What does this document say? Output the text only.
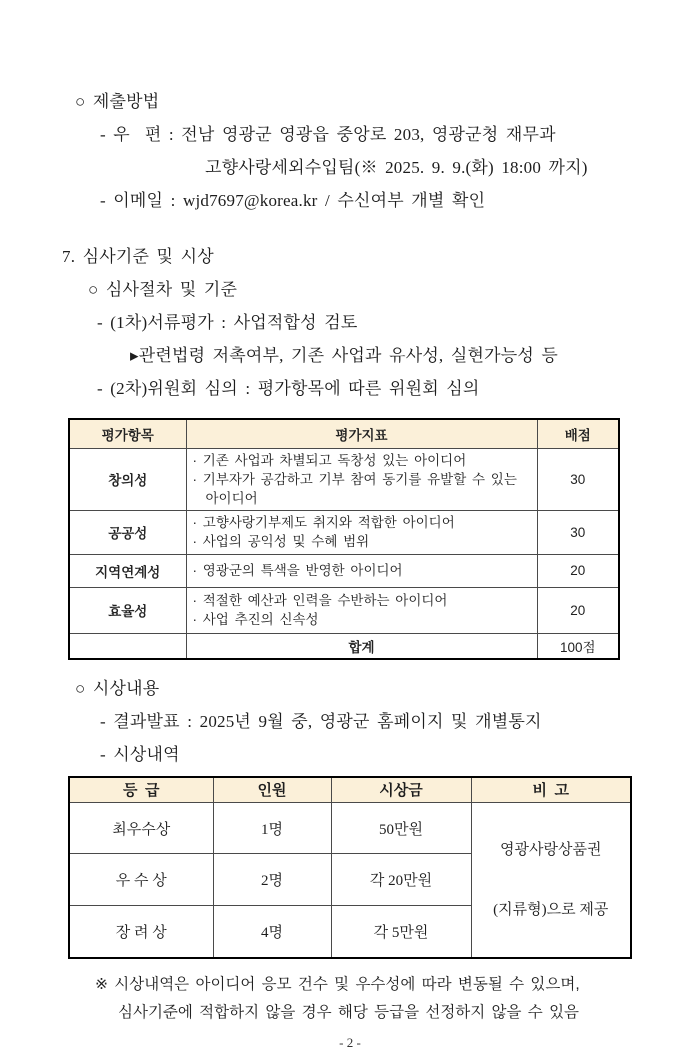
○ 제출방법
- 우  편 : 전남 영광군 영광읍 중앙로 203, 영광군청 재무과
고향사랑세외수입팀(※ 2025. 9. 9.(화) 18:00 까지)
- 이메일 : wjd7697@korea.kr / 수신여부 개별 확인
7. 심사기준 및 시상
○ 심사절차 및 기준
- (1차)서류평가 : 사업적합성 검토
▸관련법령 저촉여부, 기존 사업과 유사성, 실현가능성 등
- (2차)위원회 심의 : 평가항목에 따른 위원회 심의
평가항목	평가지표	배점
창의성	· 기존 사업과 차별되고 독창성 있는 아이디어
· 기부자가 공감하고 기부 참여 동기를 유발할 수 있는 아이디어	30
공공성	· 고향사랑기부제도 취지와 적합한 아이디어
· 사업의 공익성 및 수혜 범위	30
지역연계성	· 영광군의 특색을 반영한 아이디어	20
효율성	· 적절한 예산과 인력을 수반하는 아이디어
· 사업 추진의 신속성	20
	합계	100점
○ 시상내용
- 결과발표 : 2025년 9월 중, 영광군 홈페이지 및 개별통지
- 시상내역
등  급	인원	시상금	비  고
최우수상	1명	50만원	영광사랑상품권

(지류형)으로 제공

우 수 상	2명	각 20만원	
장 려 상	4명	각 5만원	
※ 시상내역은 아이디어 응모 건수 및 우수성에 따라 변동될 수 있으며,
심사기준에 적합하지 않을 경우 해당 등급을 선정하지 않을 수 있음
- 2 -
